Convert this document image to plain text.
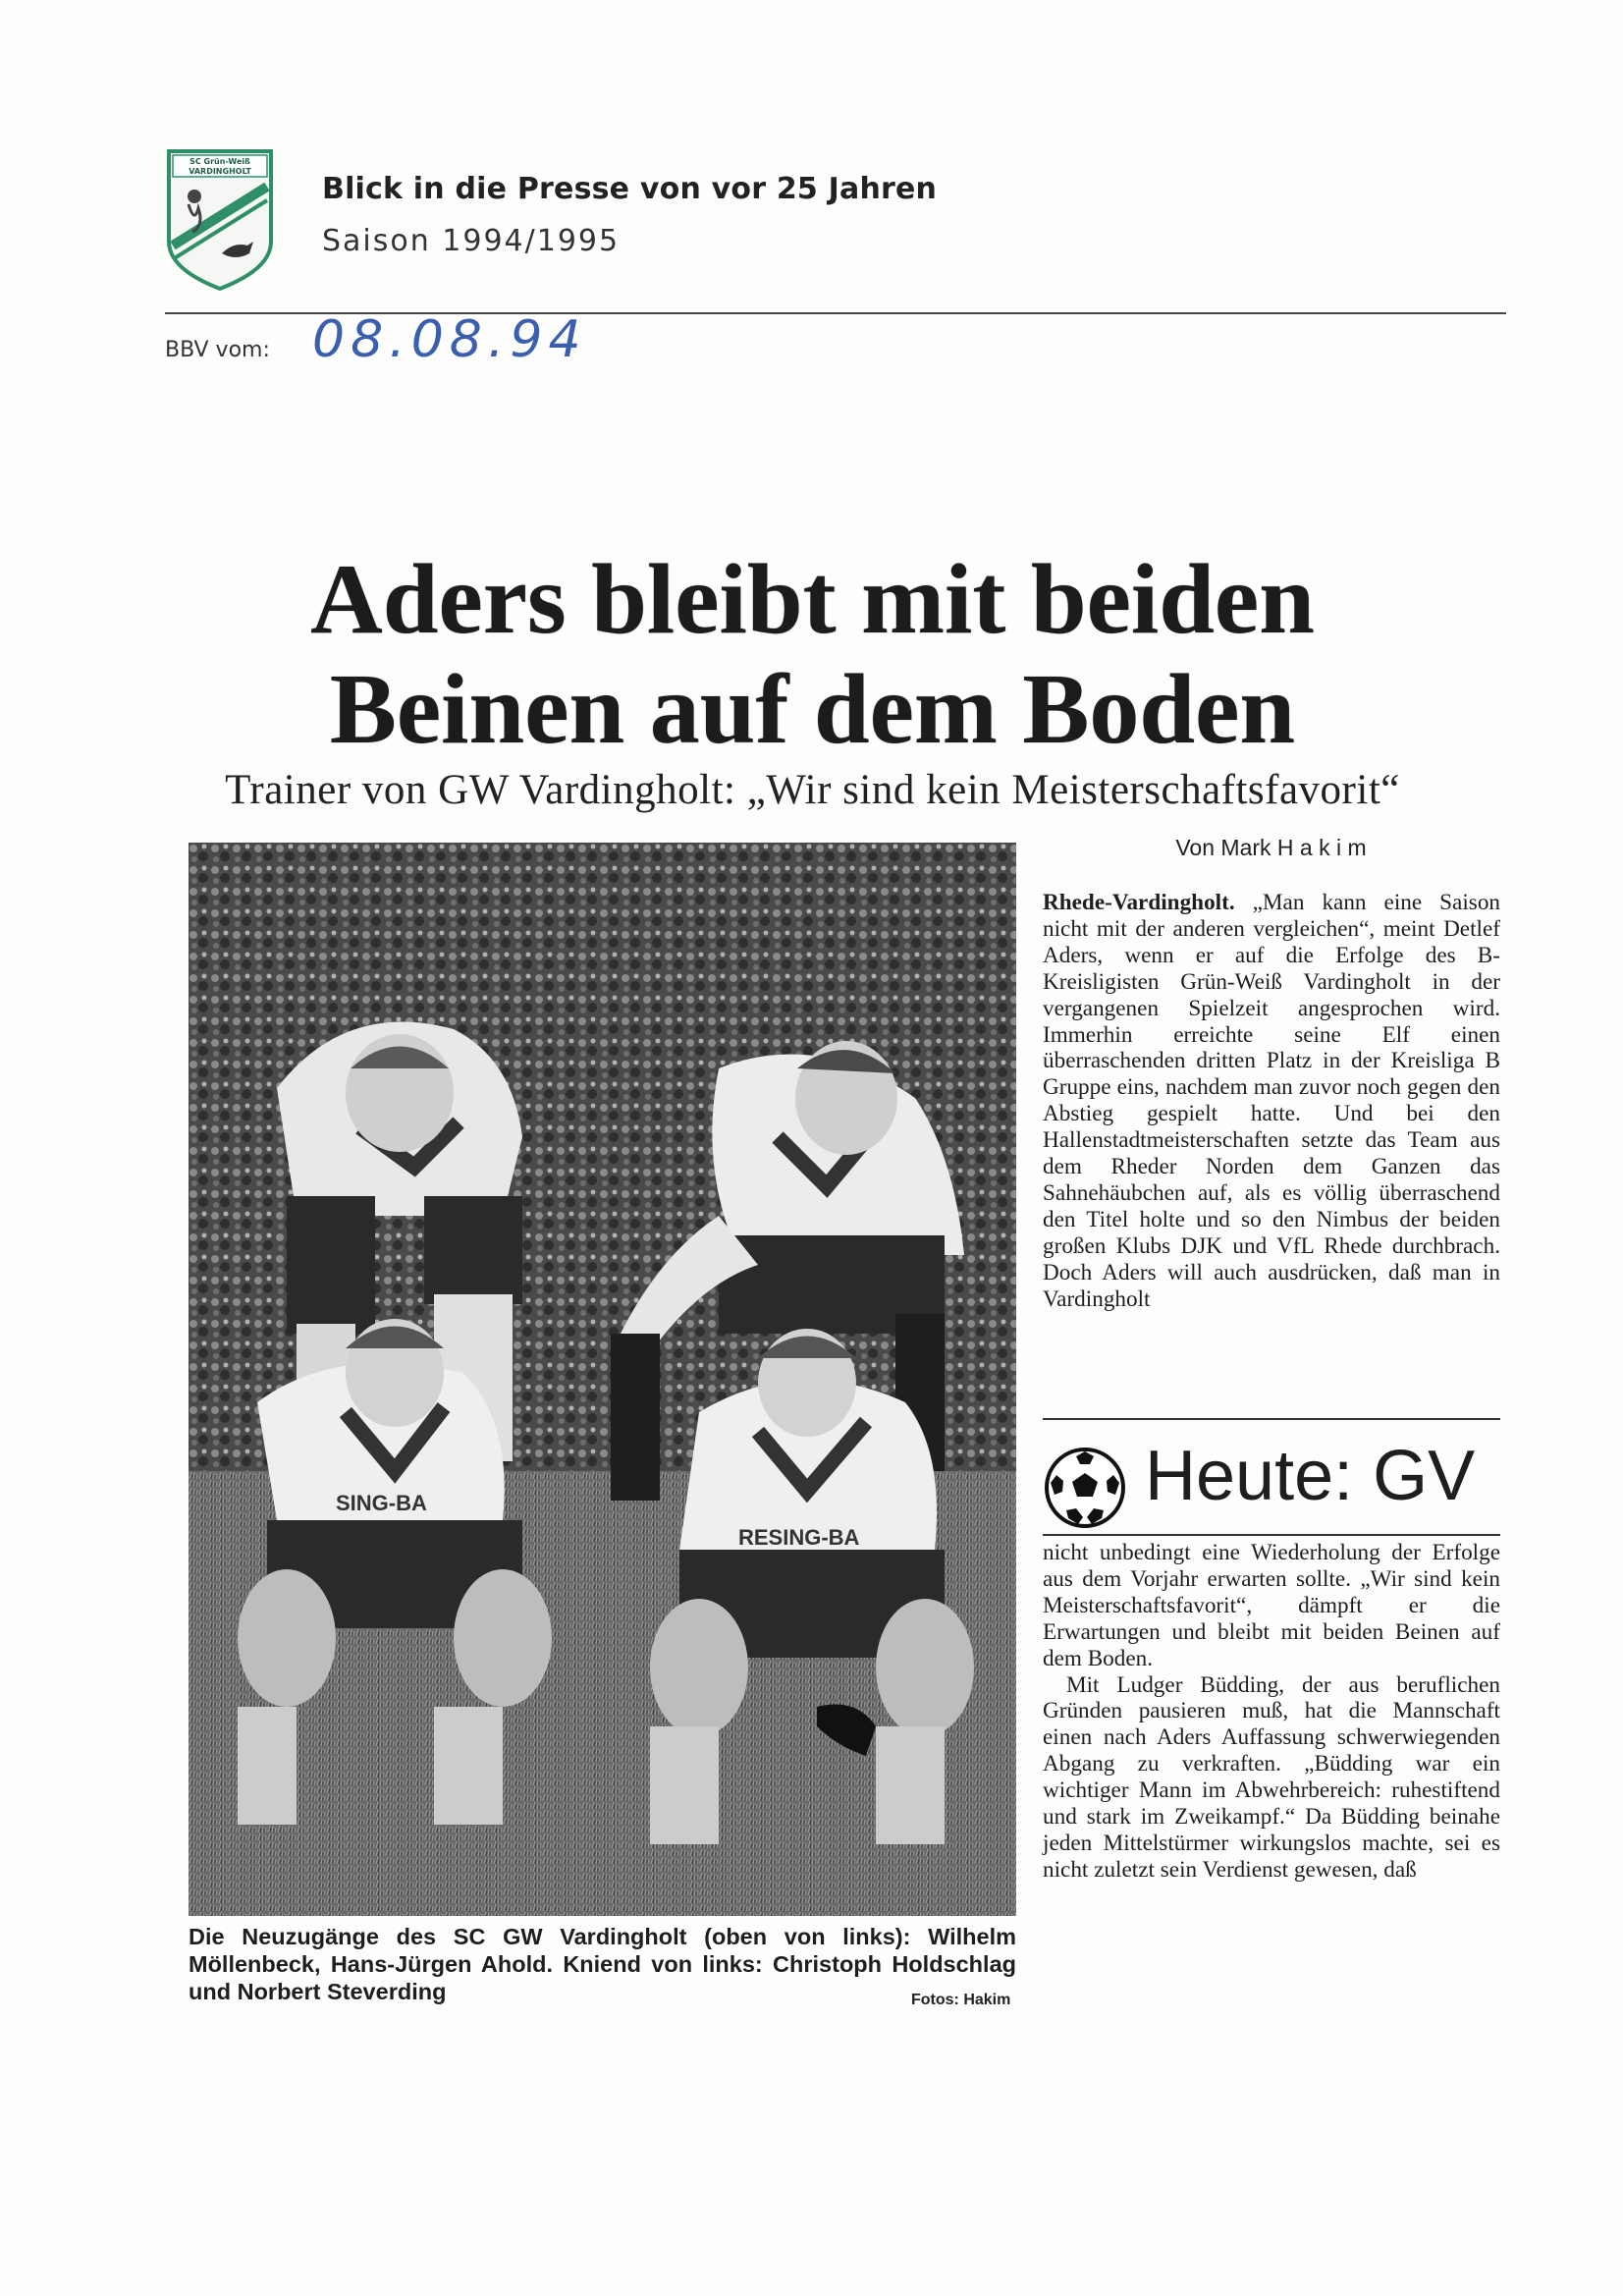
SC Grün-Weiß
VARDINGHOLT

Blick in die Presse von vor 25 Jahren

Saison 1994/1995

BBV vom: 08.08.94
Aders bleibt mit beiden
Beinen auf dem Boden

Trainer von GW Vardingholt: „Wir sind kein Meisterschaftsfavorit“

SING-BA
RESING-BA

Die Neuzugänge des SC GW Vardingholt (oben von links): Wilhelm Möllenbeck, Hans-Jürgen Ahold. Kniend von links: Christoph Holdschlag und Norbert Steverding	Fotos: Hakim
Von Mark H a k i m

Rhede-Vardingholt. „Man kann eine Saison nicht mit der anderen vergleichen“, meint Detlef Aders, wenn er auf die Erfolge des B-Kreisligisten Grün-Weiß Vardingholt in der vergangenen Spielzeit angesprochen wird. Immerhin erreichte seine Elf einen überraschenden dritten Platz in der Kreisliga B Gruppe eins, nachdem man zuvor noch gegen den Abstieg gespielt hatte. Und bei den Hallenstadtmeisterschaften setzte das Team aus dem Rheder Norden dem Ganzen das Sahnehäubchen auf, als es völlig überraschend den Titel holte und so den Nimbus der beiden großen Klubs DJK und VfL Rhede durchbrach. Doch Aders will auch ausdrücken, daß man in Vardingholt

Heute: GV

nicht unbedingt eine Wiederholung der Erfolge aus dem Vorjahr erwarten sollte. „Wir sind kein Meisterschaftsfavorit“, dämpft er die Erwartungen und bleibt mit beiden Beinen auf dem Boden.

Mit Ludger Büdding, der aus beruflichen Gründen pausieren muß, hat die Mannschaft einen nach Aders Auffassung schwerwiegenden Abgang zu verkraften. „Büdding war ein wichtiger Mann im Abwehrbereich: ruhestiftend und stark im Zweikampf.“ Da Büdding beinahe jeden Mittelstürmer wirkungslos machte, sei es nicht zuletzt sein Verdienst gewesen, daß
